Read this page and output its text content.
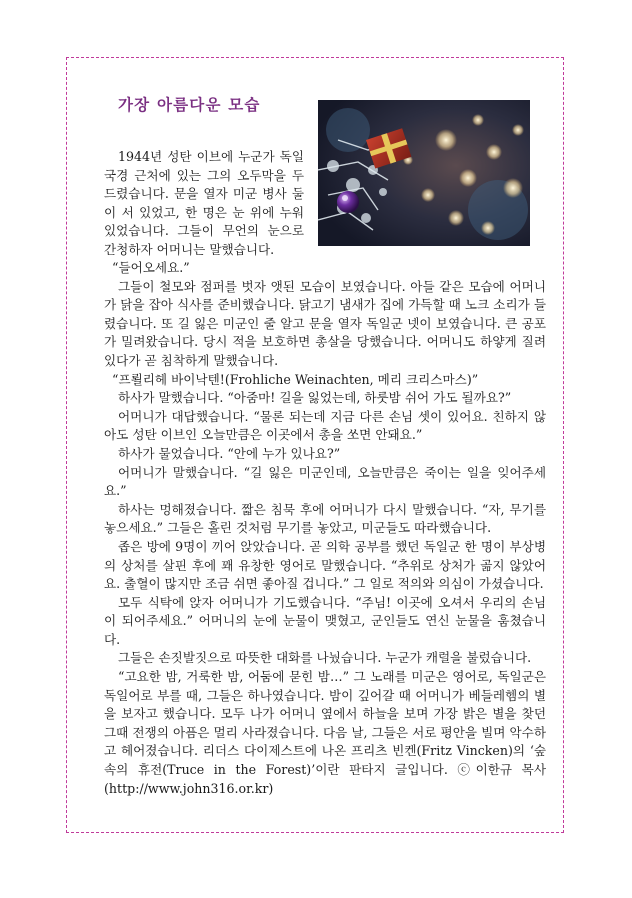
가장 아름다운 모습

1944년 성탄 이브에 누군가 독일 국경 근처에 있는 그의 오두막을 두드렸습니다. 문을 열자 미군 병사 둘이 서 있었고, 한 명은 눈 위에 누워있었습니다. 그들이 무언의 눈으로 간청하자 어머니는 말했습니다.

“들어오세요.”

그들이 철모와 점퍼를 벗자 앳된 모습이 보였습니다. 아들 같은 모습에 어머니가 닭을 잡아 식사를 준비했습니다. 닭고기 냄새가 집에 가득할 때 노크 소리가 들렸습니다. 또 길 잃은 미군인 줄 알고 문을 열자 독일군 넷이 보였습니다. 큰 공포가 밀려왔습니다. 당시 적을 보호하면 총살을 당했습니다. 어머니도 하얗게 질려 있다가 곧 침착하게 말했습니다.

“프뢸리헤 바이낙텐!(Frohliche Weinachten, 메리 크리스마스)”

하사가 말했습니다. “아줌마! 길을 잃었는데, 하룻밤 쉬어 가도 될까요?”

어머니가 대답했습니다. “물론 되는데 지금 다른 손님 셋이 있어요. 친하지 않아도 성탄 이브인 오늘만큼은 이곳에서 총을 쏘면 안돼요.”

하사가 물었습니다. “안에 누가 있나요?”

어머니가 말했습니다. “길 잃은 미군인데, 오늘만큼은 죽이는 일을 잊어주세요.”

하사는 멍해졌습니다. 짧은 침묵 후에 어머니가 다시 말했습니다. “자, 무기를 놓으세요.” 그들은 홀린 것처럼 무기를 놓았고, 미군들도 따라했습니다.

좁은 방에 9명이 끼어 앉았습니다. 곧 의학 공부를 했던 독일군 한 명이 부상병의 상처를 살핀 후에 꽤 유창한 영어로 말했습니다. “추위로 상처가 곪지 않았어요. 출혈이 많지만 조금 쉬면 좋아질 겁니다.” 그 일로 적의와 의심이 가셨습니다.

모두 식탁에 앉자 어머니가 기도했습니다. “주님! 이곳에 오셔서 우리의 손님이 되어주세요.” 어머니의 눈에 눈물이 맺혔고, 군인들도 연신 눈물을 훔쳤습니다.

그들은 손짓발짓으로 따뜻한 대화를 나눴습니다. 누군가 캐럴을 불렀습니다.

“고요한 밤, 거룩한 밤, 어둠에 묻힌 밤…” 그 노래를 미군은 영어로, 독일군은 독일어로 부를 때, 그들은 하나였습니다. 밤이 깊어갈 때 어머니가 베들레헴의 별을 보자고 했습니다. 모두 나가 어머니 옆에서 하늘을 보며 가장 밝은 별을 찾던 그때 전쟁의 아픔은 멀리 사라졌습니다. 다음 날, 그들은 서로 평안을 빌며 악수하고 헤어졌습니다. 리더스 다이제스트에 나온 프리츠 빈켄(Fritz Vincken)의 ‘숲 속의 휴전(Truce in the Forest)’이란 판타지 글입니다. ⓒ이한규 목사 (http://www.john316.or.kr)
